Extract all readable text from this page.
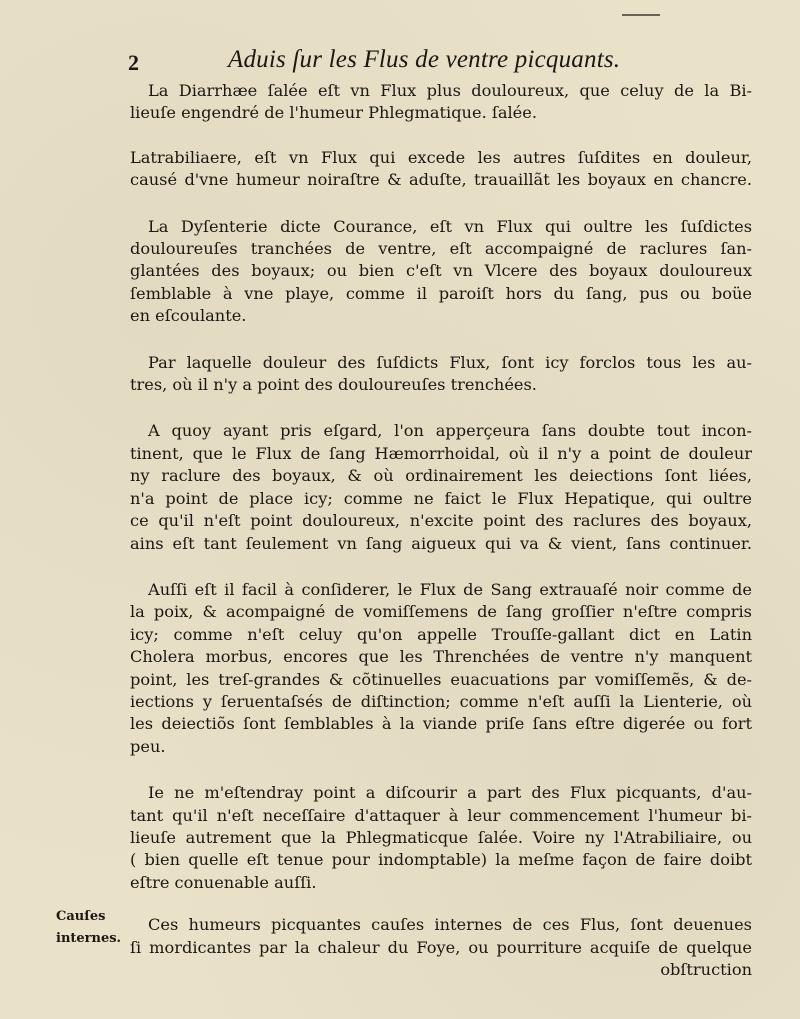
2	Aduis ſur les Flus de ventre picquants.

La Diarrhæe ſalée eſt vn Flux plus douloureux, que celuy de la Bi-
lieuſe engendré de l'humeur Phlegmatique. ſalée.

Latrabiliaere, eſt vn Flux qui excede les autres ſuſdites en douleur,
causé d'vne humeur noiraſtre & aduſte, trauaillãt les boyaux en chancre.

La Dyſenterie dicte Courance, eſt vn Flux qui oultre les ſuſdictes
douloureuſes tranchées de ventre, eſt accompaigné de raclures ſan-
glantées des boyaux; ou bien c'eſt vn Vlcere des boyaux douloureux
ſemblable à vne playe, comme il paroiſt hors du ſang, pus ou boüe
en eſcoulante.

Par laquelle douleur des ſuſdicts Flux, ſont icy forclos tous les au-
tres, où il n'y a point des douloureuſes trenchées.

A quoy ayant pris eſgard, l'on apperçeura ſans doubte tout incon-
tinent, que le Flux de ſang Hæmorrhoidal, où il n'y a point de douleur
ny raclure des boyaux, & où ordinairement les deiections ſont liées,
n'a point de place icy; comme ne faict le Flux Hepatique, qui oultre
ce qu'il n'eſt point douloureux, n'excite point des raclures des boyaux,
ains eſt tant ſeulement vn ſang aigueux qui va & vient, ſans continuer.

Auſſi eſt il facil à conſiderer, le Flux de Sang extrauaſé noir comme de
la poix, & acompaigné de vomiſſemens de ſang groſſier n'eſtre compris
icy; comme n'eſt celuy qu'on appelle Trouſſe-gallant dict en Latin
Cholera morbus, encores que les Threnchées de ventre n'y manquent
point, les treſ-grandes & cõtinuelles euacuations par vomiſſemẽs, & de-
iections y ſeruentaſsés de diſtinction; comme n'eſt auſſi la Lienterie, où
les deiectiõs ſont ſemblables à la viande priſe ſans eſtre digerée ou fort peu.

Ie ne m'eſtendray point a diſcourir a part des Flux picquants, d'au-
tant qu'il n'eſt neceſſaire d'attaquer à leur commencement l'humeur bi-
lieuſe autrement que la Phlegmaticque ſalée. Voire ny l'Atrabiliaire, ou
( bien quelle eſt tenue pour indomptable) la meſme façon de faire doibt
eſtre conuenable auſſi.

Ces humeurs picquantes cauſes internes de ces Flus, ſont deuenues
ſi mordicantes par la chaleur du Foye, ou pourriture acquiſe de quelque
obſtruction

Cauſes
internes.
